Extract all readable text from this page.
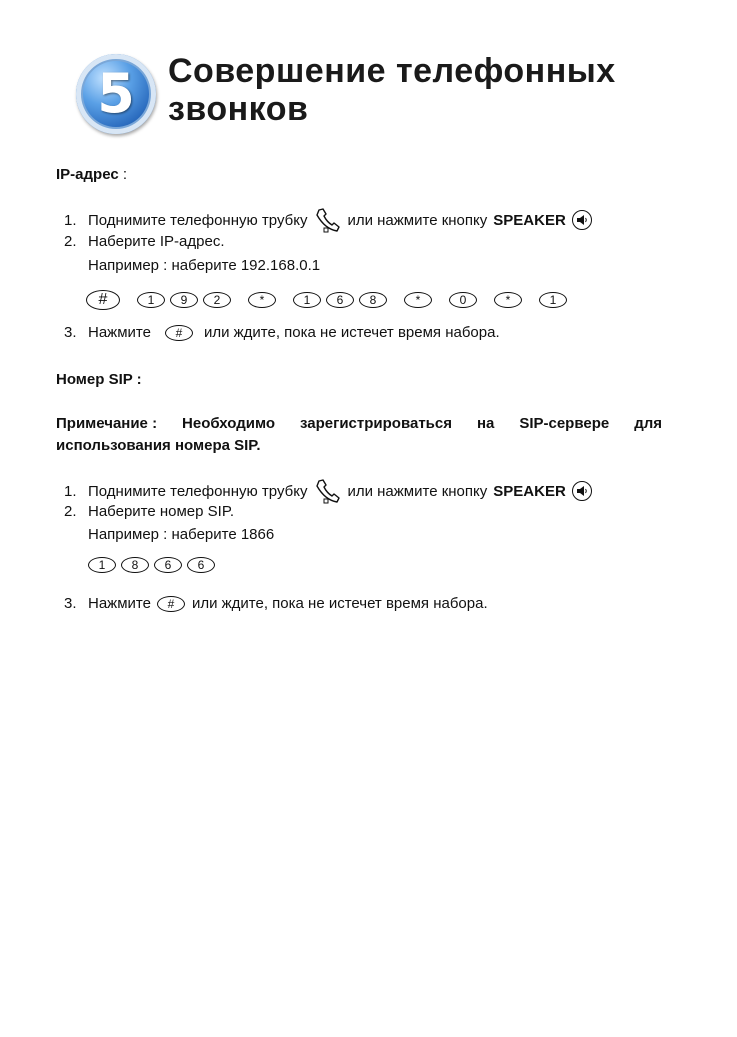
5 Совершение телефонных
звонков
IP-адрес :
1. Поднимите телефонную трубку	или нажмите кнопку SPEAKER
2. Наберите IP-адрес.
Например : наберите 192.168.0.1
#	1	9	2	*	1	6	8	*	0	*	1
3. Нажмите	#	или ждите, пока не истечет время набора.
Номер SIP :
Примечание : Необходимо зарегистрироваться на SIP-сервере для
использования номера SIP.
1. Поднимите телефонную трубку	или нажмите кнопку SPEAKER
2. Наберите номер SIP.
Например : наберите 1866
1	8	6	6
3. Нажмите	#	или ждите, пока не истечет время набора.
